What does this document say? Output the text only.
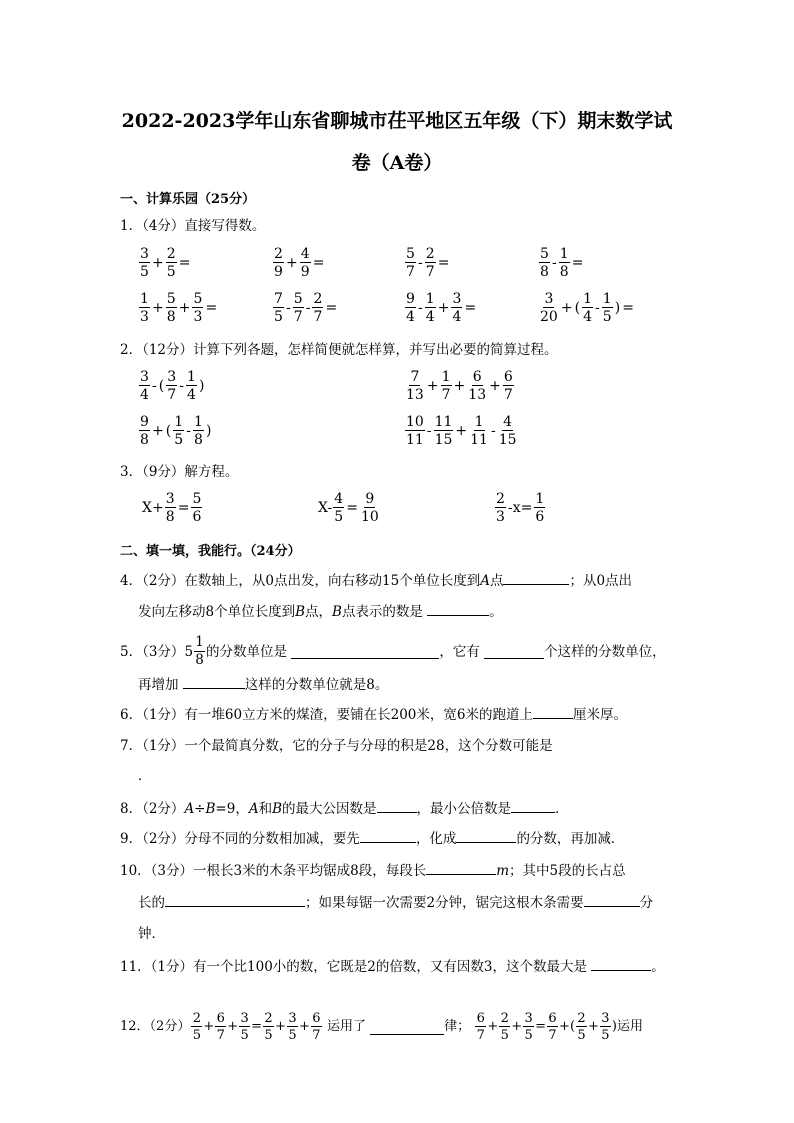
2022-2023学年山东省聊城市茌平地区五年级（下）期末数学试
卷（A卷）
一、计算乐园（25分）
1．（4分）直接写得数。
$\frac{3}{5} + \frac{2}{5}$ =	$\frac{2}{9} + \frac{4}{9}$ =	$\frac{5}{7} - \frac{2}{7}$ =	$\frac{5}{8} - \frac{1}{8}$ =
$\frac{1}{3} + \frac{5}{8} + \frac{5}{3}$ =	$\frac{7}{5} - \frac{5}{7} - \frac{2}{7}$ =	$\frac{9}{4} - \frac{1}{4} + \frac{3}{4}$ =	$\frac{3}{20}$ + ( $\frac{1}{4} - \frac{1}{5}$ ) =
2．（12分）计算下列各题，怎样简便就怎样算，并写出必要的简算过程。
$\frac{3}{4}$ - ( $\frac{3}{7} - \frac{1}{4}$ )	$\frac{7}{13} + \frac{1}{7} + \frac{6}{13} + \frac{6}{7}$
$\frac{9}{8}$ + ( $\frac{1}{5} - \frac{1}{8}$ )	$\frac{10}{11} - \frac{11}{15} + \frac{1}{11} - \frac{4}{15}$
3．（9分）解方程。
$X+ \frac{3}{8} = \frac{5}{6}$	$X- \frac{4}{5} = \frac{9}{10}$	$\frac{2}{3} -x= \frac{1}{6}$
二、填一填，我能行。（24分）
4．（2分）在数轴上，从0点出发，向右移动15个单位长度到A点	；从0点出
发向左移动8个单位长度到B点，B点表示的数是	。
5．（3分） $5 \frac{1}{8}$ 的分数单位是
	，它有
	个这样的分数单位，
再增加	这样的分数单位就是8。
6．（1分）有一堆60立方米的煤渣，要铺在长200米，宽6米的跑道上	厘米厚。
7．（1分）一个最简真分数，它的分子与分母的积是28，这个分数可能是
．
8．（2分）A÷B=9，A和B的最大公因数是	，最小公倍数是	．
9．（2分）分母不同的分数相加减，要先	，化成	的分数，再加减．
10．（3分）一根长3米的木条平均锯成8段，每段长	m；其中5段的长占总
长的	；如果每锯一次需要2分钟，锯完这根木条需要	分
钟．
11．（1分）有一个比100小的数，它既是2的倍数，又有因数3，这个数最大是	。
12．（2分） $\frac{2}{5} + \frac{6}{7} + \frac{3}{5} = \frac{2}{5} + \frac{3}{5} + \frac{6}{7}$
运用了
	律；
$\frac{6}{7} + \frac{2}{5} + \frac{3}{5} = \frac{6}{7}$ + ( $\frac{2}{5} + \frac{3}{5}$ ) 运用
